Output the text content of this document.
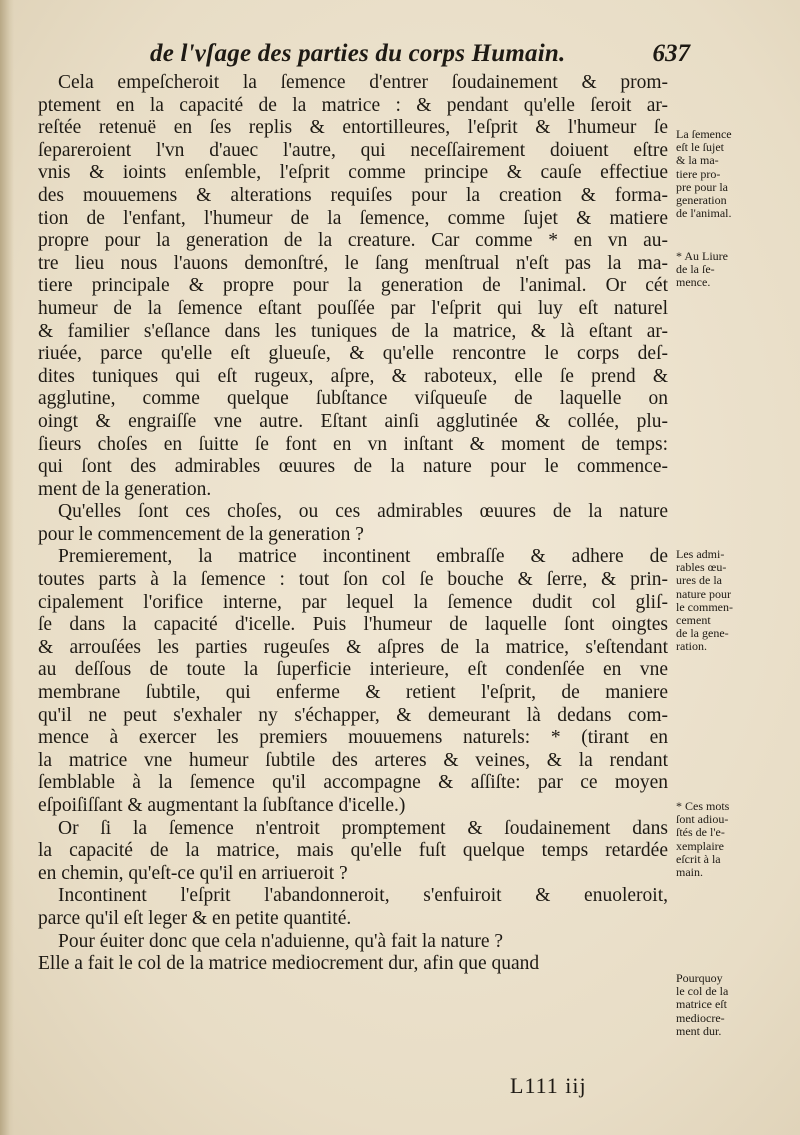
de l'vſage des parties du corps Humain.	637
Cela empeſcheroit la ſemence d'entrer ſoudainement & prom-
ptement en la capacité de la matrice : & pendant qu'elle ſeroit ar-
reſtée retenuë en ſes replis & entortilleures, l'eſprit & l'humeur ſe
ſepareroient l'vn d'auec l'autre, qui neceſſairement doiuent eſtre
vnis & ioints enſemble, l'eſprit comme principe & cauſe effectiue
des mouuemens & alterations requiſes pour la creation & forma-
tion de l'enfant, l'humeur de la ſemence, comme ſujet & matiere
propre pour la generation de la creature. Car comme * en vn au-
tre lieu nous l'auons demonſtré, le ſang menſtrual n'eſt pas la ma-
tiere principale & propre pour la generation de l'animal. Or cét
humeur de la ſemence eſtant pouſſée par l'eſprit qui luy eſt naturel
& familier s'eſlance dans les tuniques de la matrice, & là eſtant ar-
riuée, parce qu'elle eſt glueuſe, & qu'elle rencontre le corps deſ-
dites tuniques qui eſt rugeux, aſpre, & raboteux, elle ſe prend &
agglutine, comme quelque ſubſtance viſqueuſe de laquelle on
oingt & engraiſſe vne autre. Eſtant ainſi agglutinée & collée, plu-
ſieurs choſes en ſuitte ſe font en vn inſtant & moment de temps:
qui ſont des admirables œuures de la nature pour le commence-
ment de la generation.
Qu'elles ſont ces choſes, ou ces admirables œuures de la nature
pour le commencement de la generation ?
Premierement, la matrice incontinent embraſſe & adhere de
toutes parts à la ſemence : tout ſon col ſe bouche & ſerre, & prin-
cipalement l'orifice interne, par lequel la ſemence dudit col gliſ-
ſe dans la capacité d'icelle. Puis l'humeur de laquelle ſont oingtes
& arrouſées les parties rugeuſes & aſpres de la matrice, s'eſtendant
au deſſous de toute la ſuperficie interieure, eſt condenſée en vne
membrane ſubtile, qui enferme & retient l'eſprit, de maniere
qu'il ne peut s'exhaler ny s'échapper, & demeurant là dedans com-
mence à exercer les premiers mouuemens naturels: * (tirant en
la matrice vne humeur ſubtile des arteres & veines, & la rendant
ſemblable à la ſemence qu'il accompagne & aſſiſte: par ce moyen
eſpoiſiſſant & augmentant la ſubſtance d'icelle.)
Or ſi la ſemence n'entroit promptement & ſoudainement dans
la capacité de la matrice, mais qu'elle fuſt quelque temps retardée
en chemin, qu'eſt-ce qu'il en arriueroit ?
Incontinent l'eſprit l'abandonneroit, s'enfuiroit & enuoleroit,
parce qu'il eſt leger & en petite quantité.
Pour éuiter donc que cela n'aduienne, qu'à fait la nature ?
Elle a fait le col de la matrice mediocrement dur, afin que quand
La ſemence
eſt le ſujet
& la ma-
tiere pro-
pre pour la
generation
de l'animal.
* Au Liure
de la ſe-
mence.
Les admi-
rables œu-
ures de la
nature pour
le commen-
cement
de la gene-
ration.
* Ces mots
ſont adiou-
ſtés de l'e-
xemplaire
eſcrit à la
main.
Pourquoy
le col de la
matrice eſt
mediocre-
ment dur.
L111 iij
